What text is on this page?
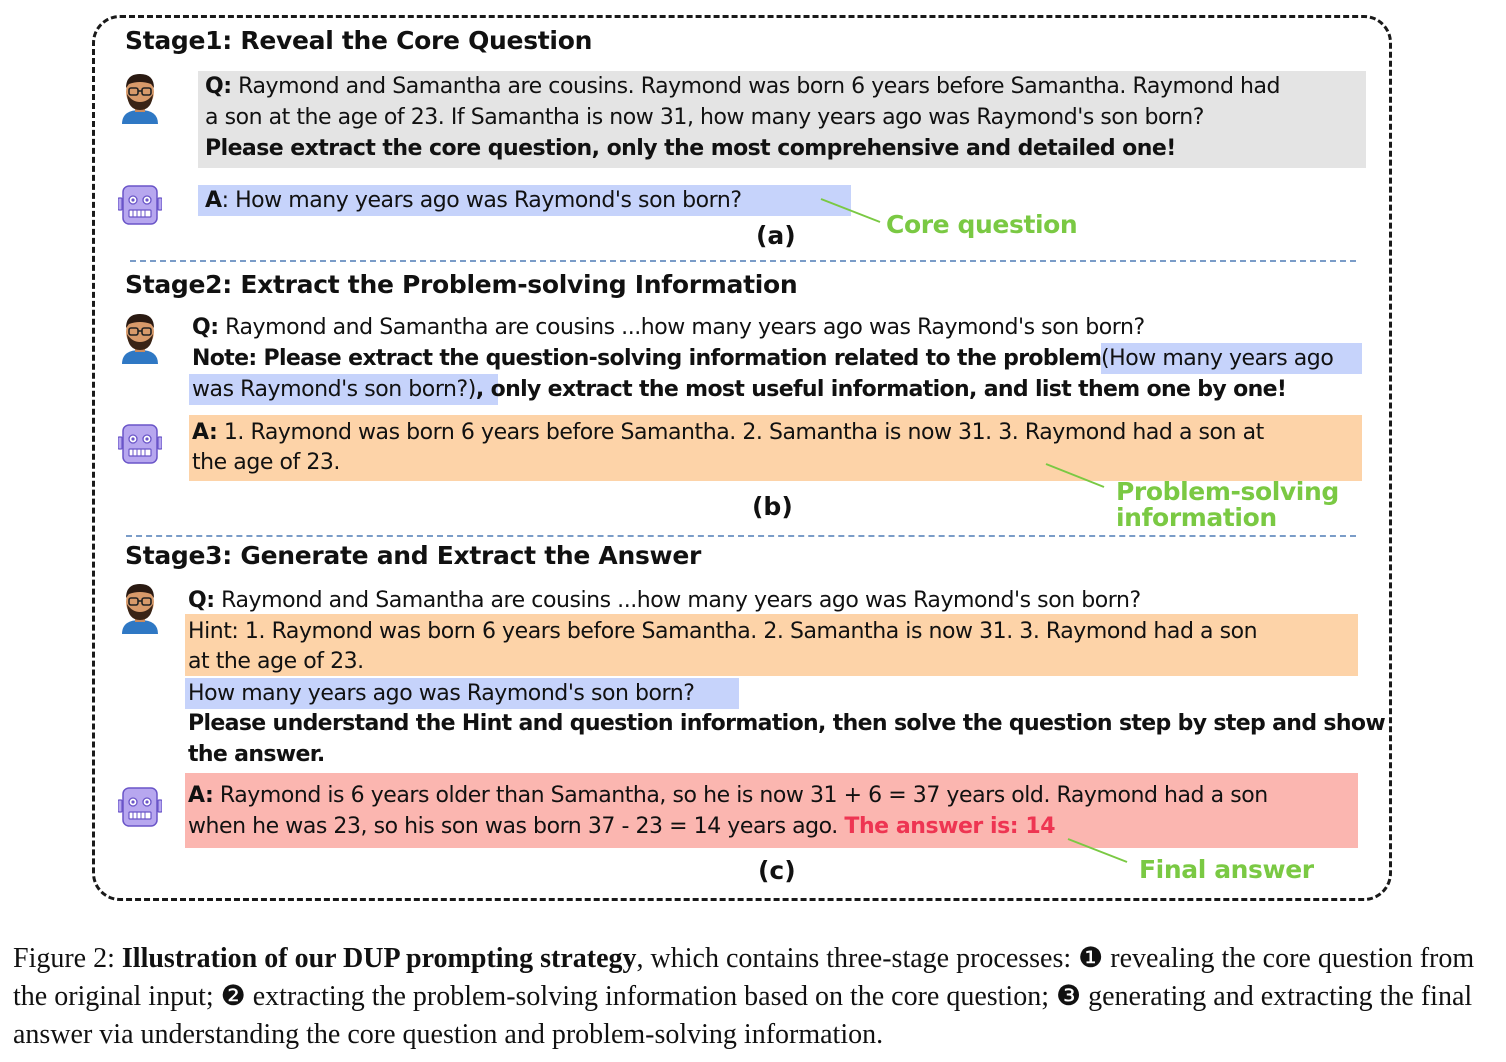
Stage1: Reveal the Core Question
Q: Raymond and Samantha are cousins. Raymond was born 6 years before Samantha. Raymond had
a son at the age of 23. If Samantha is now 31, how many years ago was Raymond's son born?
Please extract the core question, only the most comprehensive and detailed one!
A: How many years ago was Raymond's son born?
(a)	Core question
Stage2: Extract the Problem-solving Information
Q: Raymond and Samantha are cousins ...how many years ago was Raymond's son born?
Note: Please extract the question-solving information related to the problem (How many years ago
was Raymond's son born?), only extract the most useful information, and list them one by one!
A: 1. Raymond was born 6 years before Samantha. 2. Samantha is now 31. 3. Raymond had a son at
the age of 23.
(b)
Problem-solving
information
Stage3: Generate and Extract the Answer
Q: Raymond and Samantha are cousins ...how many years ago was Raymond's son born?
Hint: 1. Raymond was born 6 years before Samantha. 2. Samantha is now 31. 3. Raymond had a son
at the age of 23.
How many years ago was Raymond's son born?
Please understand the Hint and question information, then solve the question step by step and show
the answer.
A: Raymond is 6 years older than Samantha, so he is now 31 + 6 = 37 years old. Raymond had a son
when he was 23, so his son was born 37 - 23 = 14 years ago. The answer is: 14
(c)	Final answer
Figure 2: Illustration of our DUP prompting strategy, which contains three-stage processes: ❶ revealing the core question from the original input; ❷ extracting the problem-solving information based on the core question; ❸ generating and extracting the final answer via understanding the core question and problem-solving information.
